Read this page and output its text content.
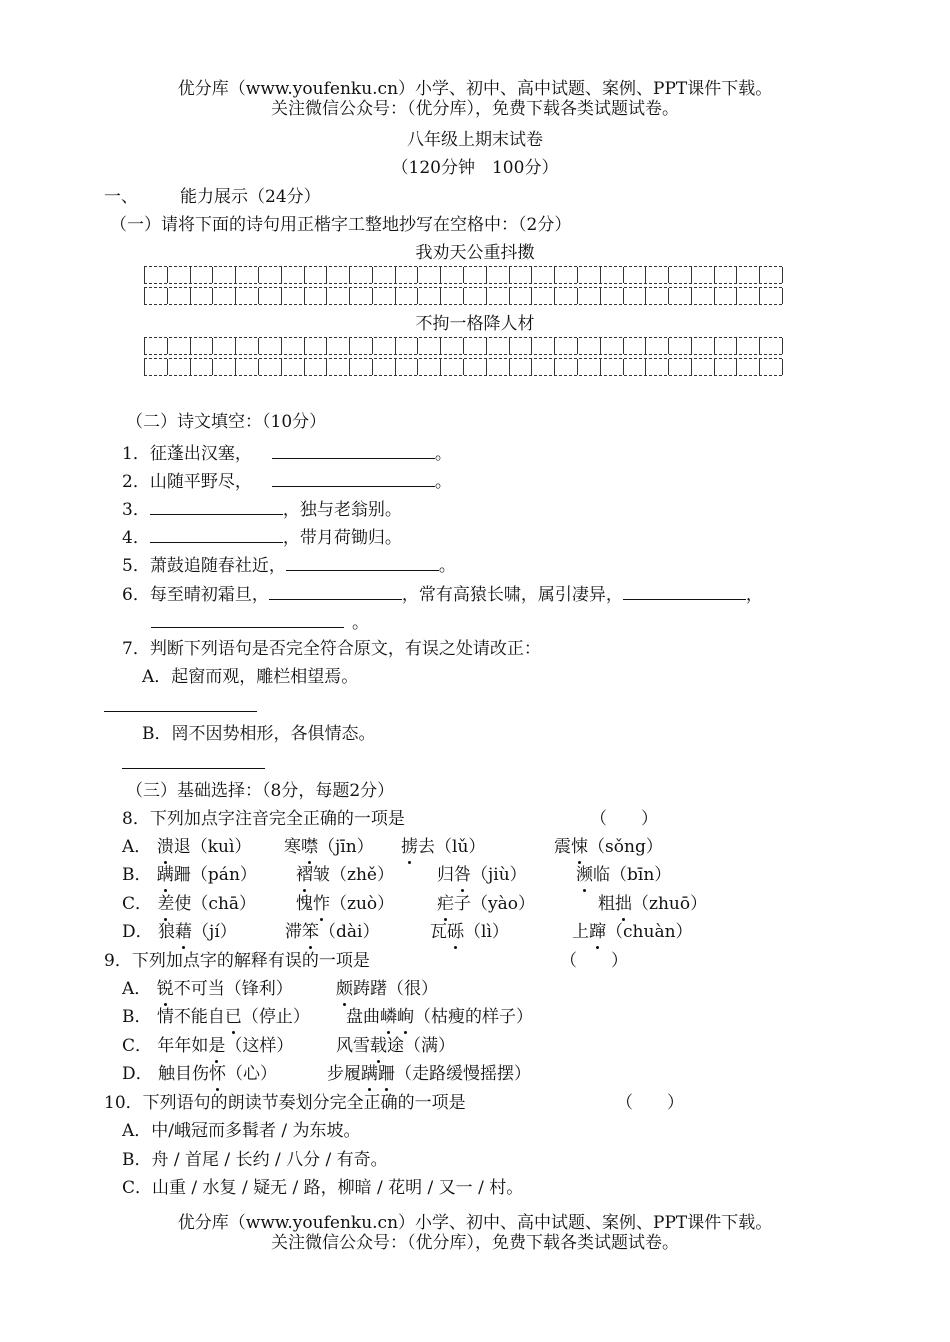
优分库（www.youfenku.cn）小学、初中、高中试题、案例、PPT课件下载。
关注微信公众号：（优分库），免费下载各类试题试卷。
八年级上期末试卷
（120分钟　100分）
一、 能力展示（24分）
（一）请将下面的诗句用正楷字工整地抄写在空格中：（2分）
我劝天公重抖擞
不拘一格降人材
（二）诗文填空：（10分）
1．征蓬出汉塞，	。
2．山随平野尽，	。
3．	，独与老翁别。
4．	，带月荷锄归。
5．萧鼓追随春社近，	。
6．每至晴初霜旦，	，常有高猿长啸，属引凄异，	，
。
7．判断下列语句是否完全符合原文，有误之处请改正：
A．起窗而观，雕栏相望焉。
B．罔不因势相形，各俱情态。
（三）基础选择：（8分，每题2分）
8．下列加点字注音完全正确的一项是	（　　）
A． 溃退（kuì） 寒噤（jīn） 掳去（lǔ）	震悚（sǒng）
B． 蹒跚（pán） 褶皱（zhě）	归咎（jiù）	濒临（bīn）
C． 差使（chā） 愧怍（zuò）	疟子（yào）	粗拙（zhuō）
D． 狼藉（jí）	滞笨（dài）	瓦砾（lì）	上蹿（chuàn）
9．下列加点字的解释有误的一项是	（　　）
A． 锐不可当（锋利）	颇踌躇（很）
B． 情不能自已（停止） 盘曲嶙峋（枯瘦的样子）
C． 年年如是（这样）	风雪载途（满）
D． 触目伤怀（心）	步履蹒跚（走路缓慢摇摆）
10．下列语句的朗读节奏划分完全正确的一项是	（　　）
A．中/峨冠而多髯者 / 为东坡。
B．舟 / 首尾 / 长约 / 八分 / 有奇。
C．山重 / 水复 / 疑无 / 路，柳暗 / 花明 / 又一 / 村。
优分库（www.youfenku.cn）小学、初中、高中试题、案例、PPT课件下载。
关注微信公众号：（优分库），免费下载各类试题试卷。
